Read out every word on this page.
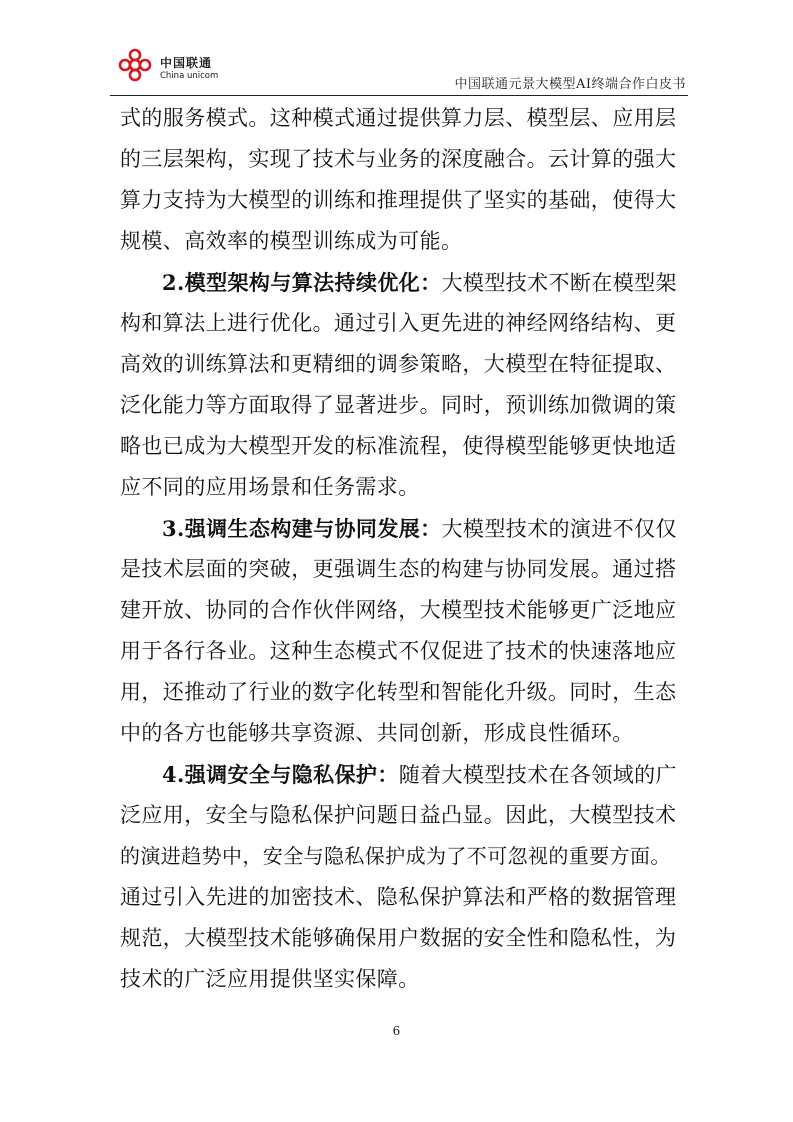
中国联通
China unicom
中国联通元景大模型AI终端合作白皮书
式的服务模式。这种模式通过提供算力层、模型层、应用层
的三层架构，实现了技术与业务的深度融合。云计算的强大
算力支持为大模型的训练和推理提供了坚实的基础，使得大
规模、高效率的模型训练成为可能。
2.模型架构与算法持续优化：大模型技术不断在模型架
构和算法上进行优化。通过引入更先进的神经网络结构、更
高效的训练算法和更精细的调参策略，大模型在特征提取、
泛化能力等方面取得了显著进步。同时，预训练加微调的策
略也已成为大模型开发的标准流程，使得模型能够更快地适
应不同的应用场景和任务需求。
3.强调生态构建与协同发展：大模型技术的演进不仅仅
是技术层面的突破，更强调生态的构建与协同发展。通过搭
建开放、协同的合作伙伴网络，大模型技术能够更广泛地应
用于各行各业。这种生态模式不仅促进了技术的快速落地应
用，还推动了行业的数字化转型和智能化升级。同时，生态
中的各方也能够共享资源、共同创新，形成良性循环。
4.强调安全与隐私保护：随着大模型技术在各领域的广
泛应用，安全与隐私保护问题日益凸显。因此，大模型技术
的演进趋势中，安全与隐私保护成为了不可忽视的重要方面。
通过引入先进的加密技术、隐私保护算法和严格的数据管理
规范，大模型技术能够确保用户数据的安全性和隐私性，为
技术的广泛应用提供坚实保障。
6
